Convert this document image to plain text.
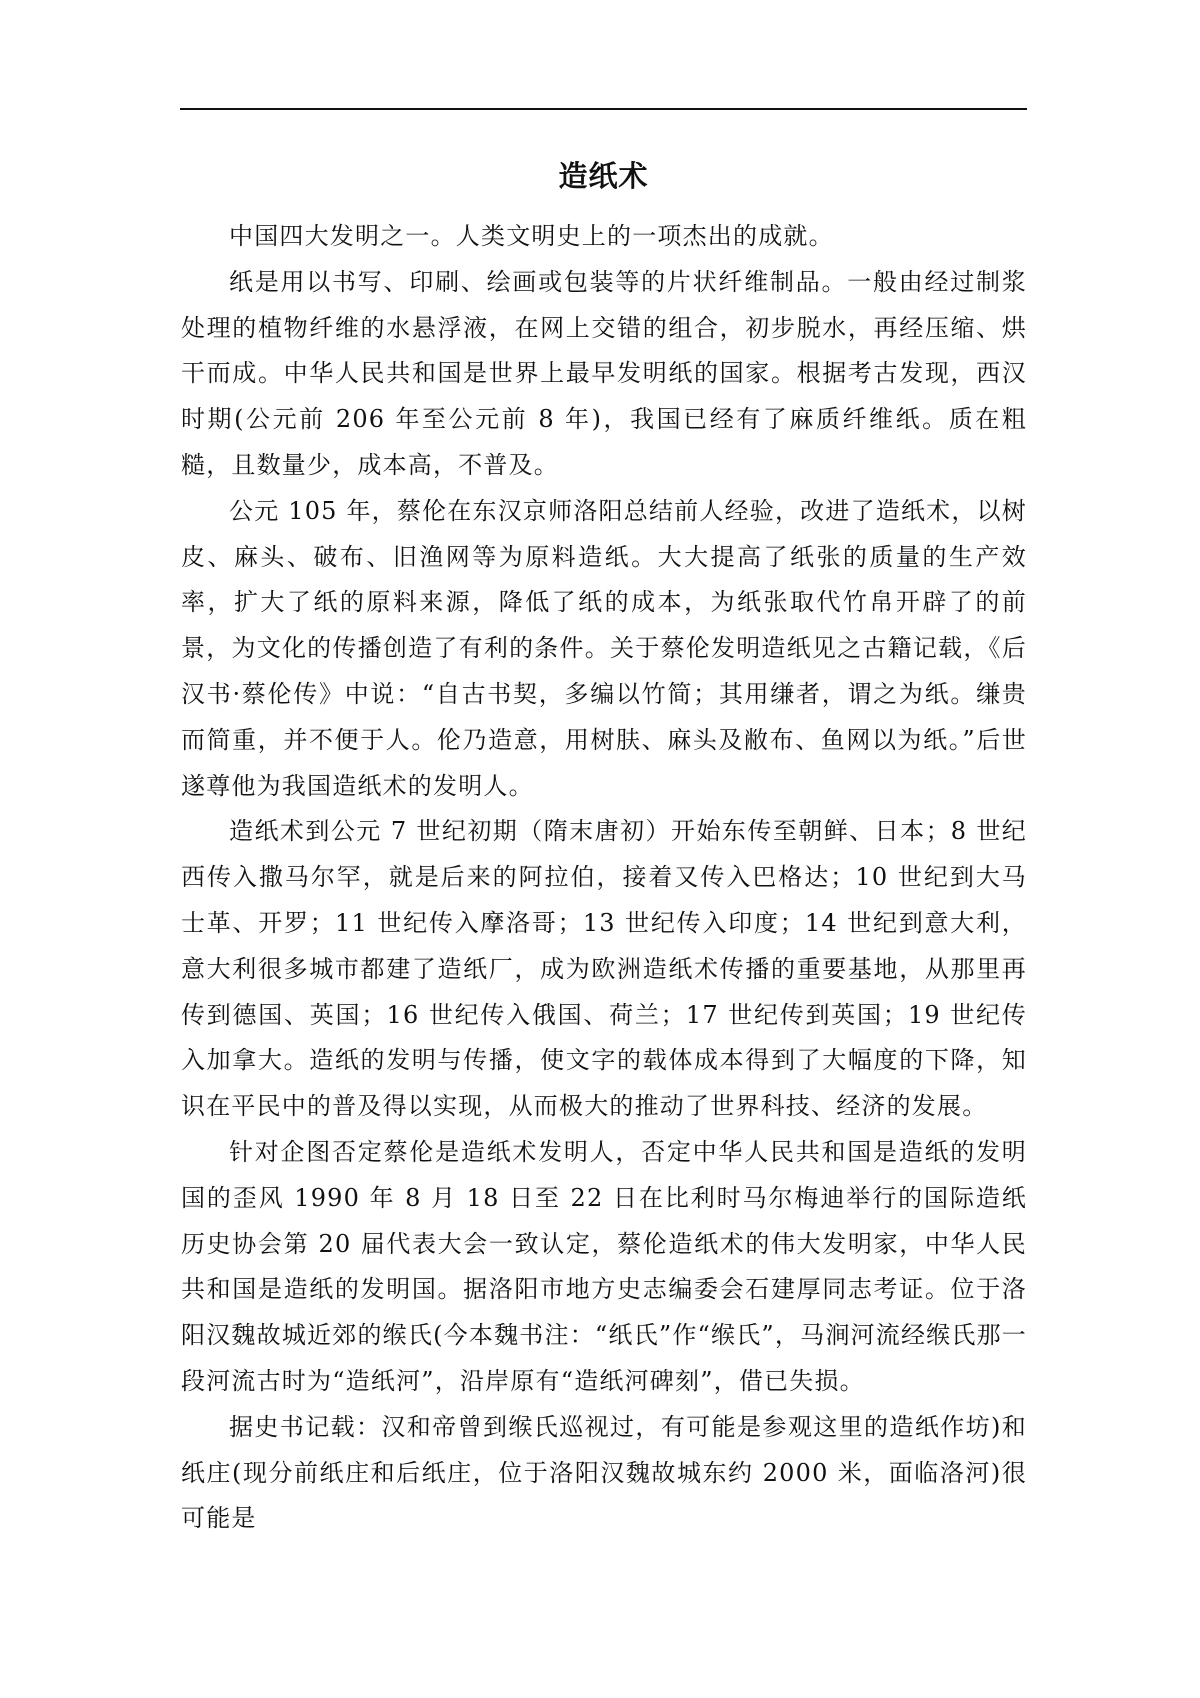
造纸术

中国四大发明之一。人类文明史上的一项杰出的成就。

纸是用以书写、印刷、绘画或包装等的片状纤维制品。一般由经过制浆处理的植物纤维的水悬浮液，在网上交错的组合，初步脱水，再经压缩、烘干而成。中华人民共和国是世界上最早发明纸的国家。根据考古发现，西汉时期(公元前 206 年至公元前 8 年)，我国已经有了麻质纤维纸。质在粗糙，且数量少，成本高，不普及。

公元 105 年，蔡伦在东汉京师洛阳总结前人经验，改进了造纸术，以树皮、麻头、破布、旧渔网等为原料造纸。大大提高了纸张的质量的生产效率，扩大了纸的原料来源，降低了纸的成本，为纸张取代竹帛开辟了的前景，为文化的传播创造了有利的条件。关于蔡伦发明造纸见之古籍记载，《后汉书·蔡伦传》中说：“自古书契，多编以竹简；其用缣者，谓之为纸。缣贵而简重，并不便于人。伦乃造意，用树肤、麻头及敝布、鱼网以为纸。”后世遂尊他为我国造纸术的发明人。

造纸术到公元 7 世纪初期（隋末唐初）开始东传至朝鲜、日本；8 世纪西传入撒马尔罕，就是后来的阿拉伯，接着又传入巴格达；10 世纪到大马士革、开罗；11 世纪传入摩洛哥；13 世纪传入印度；14 世纪到意大利，意大利很多城市都建了造纸厂，成为欧洲造纸术传播的重要基地，从那里再传到德国、英国；16 世纪传入俄国、荷兰；17 世纪传到英国；19 世纪传入加拿大。造纸的发明与传播，使文字的载体成本得到了大幅度的下降，知识在平民中的普及得以实现，从而极大的推动了世界科技、经济的发展。

针对企图否定蔡伦是造纸术发明人，否定中华人民共和国是造纸的发明国的歪风 1990 年 8 月 18 日至 22 日在比利时马尔梅迪举行的国际造纸历史协会第 20 届代表大会一致认定，蔡伦造纸术的伟大发明家，中华人民共和国是造纸的发明国。据洛阳市地方史志编委会石建厚同志考证。位于洛阳汉魏故城近郊的缑氏(今本魏书注：“纸氏”作“缑氏”，马涧河流经缑氏那一段河流古时为“造纸河”，沿岸原有“造纸河碑刻”，借已失损。

据史书记载：汉和帝曾到缑氏巡视过，有可能是参观这里的造纸作坊)和纸庄(现分前纸庄和后纸庄，位于洛阳汉魏故城东约 2000 米，面临洛河)很可能是
